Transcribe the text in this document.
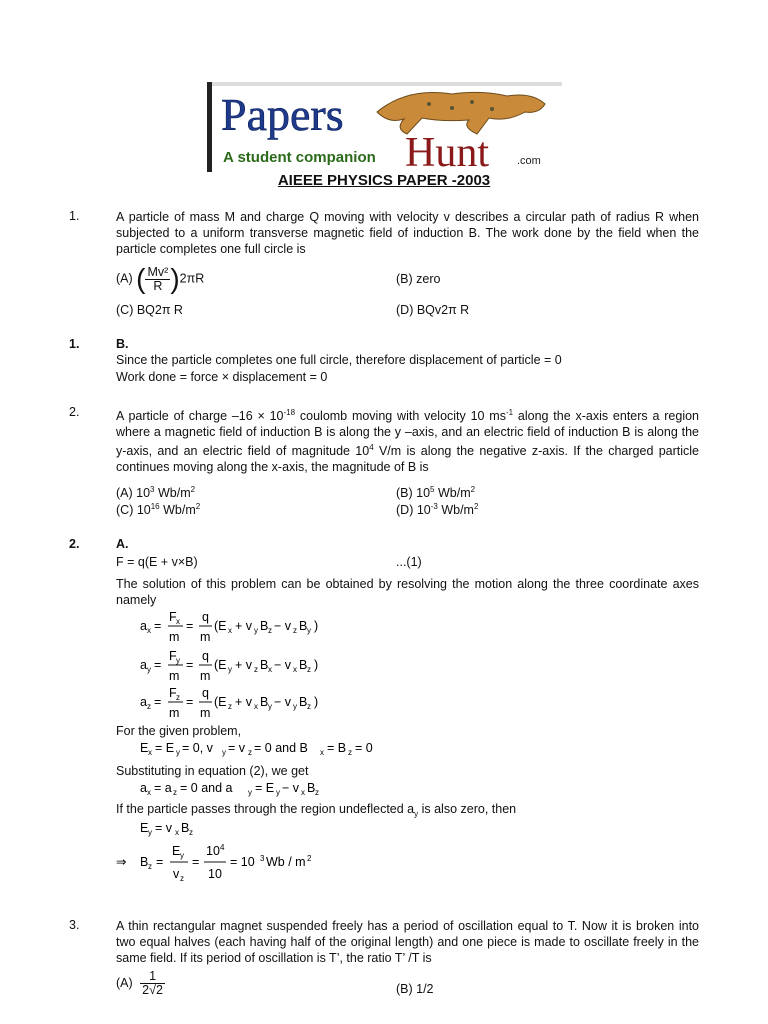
Papers
Hunt	.com
A student companion
AIEEE PHYSICS PAPER -2003
1.	A particle of mass M and charge Q moving with velocity v describes a circular path of radius R when subjected to a uniform transverse magnetic field of induction B. The work done by the field when the particle completes one full circle is
(A) ( $\frac{\text{Mv²}}{R} )2\pi R$	(B) zero
(C) BQ2π R	(D) BQv2π R
1.	B.
Since the particle completes one full circle, therefore displacement of particle = 0
Work done = force × displacement = 0
2.	A particle of charge $-16 \times 10^{-18}$ coulomb moving with velocity 10 $ms^{-1}$ along the x-axis enters a region where a magnetic field of induction B is along the y –axis, and an electric field of induction B is along the y-axis, and an electric field of magnitude $10^4$ V/m is along the negative z-axis. If the charged particle continues moving along the x-axis, the magnitude of B is
(A) $10^3$ $Wb/m^2$	(B) $10^5$ $Wb/m^2$
(C) $10^{16}$ $Wb/m^2$	(D) $10^{-3}$ $Wb/m^2$
2.	A.
F = q(E + v×B)	...(1)
The solution of this problem can be obtained by resolving the motion along the three coordinate axes namely
ax = Fx m = q m (E x + v y Bz − v z By )
ay = Fy m = q m (E y + v z Bx − v x Bz )
az = Fz m = q m (E z + v x By − v y Bz )
For the given problem,
Ex = E y = 0, v y = v z = 0 and B x = B z = 0
Substituting in equation (2), we get
ax = az = 0 and a y = E y − v x Bz
If the particle passes through the region undeflected $a_y$ is also zero, then
Ey = v x Bz
⇒ Bz = Ey vz = 104 10 = 10 3 Wb / m2
3.	A thin rectangular magnet suspended freely has a period of oscillation equal to T. Now it is broken into two equal halves (each having half of the original length) and one piece is made to oscillate freely in the same field. If its period of oscillation is T’, the ratio T’ /T is
$(A) \frac{1}{2√2}$	(B) 1/2
